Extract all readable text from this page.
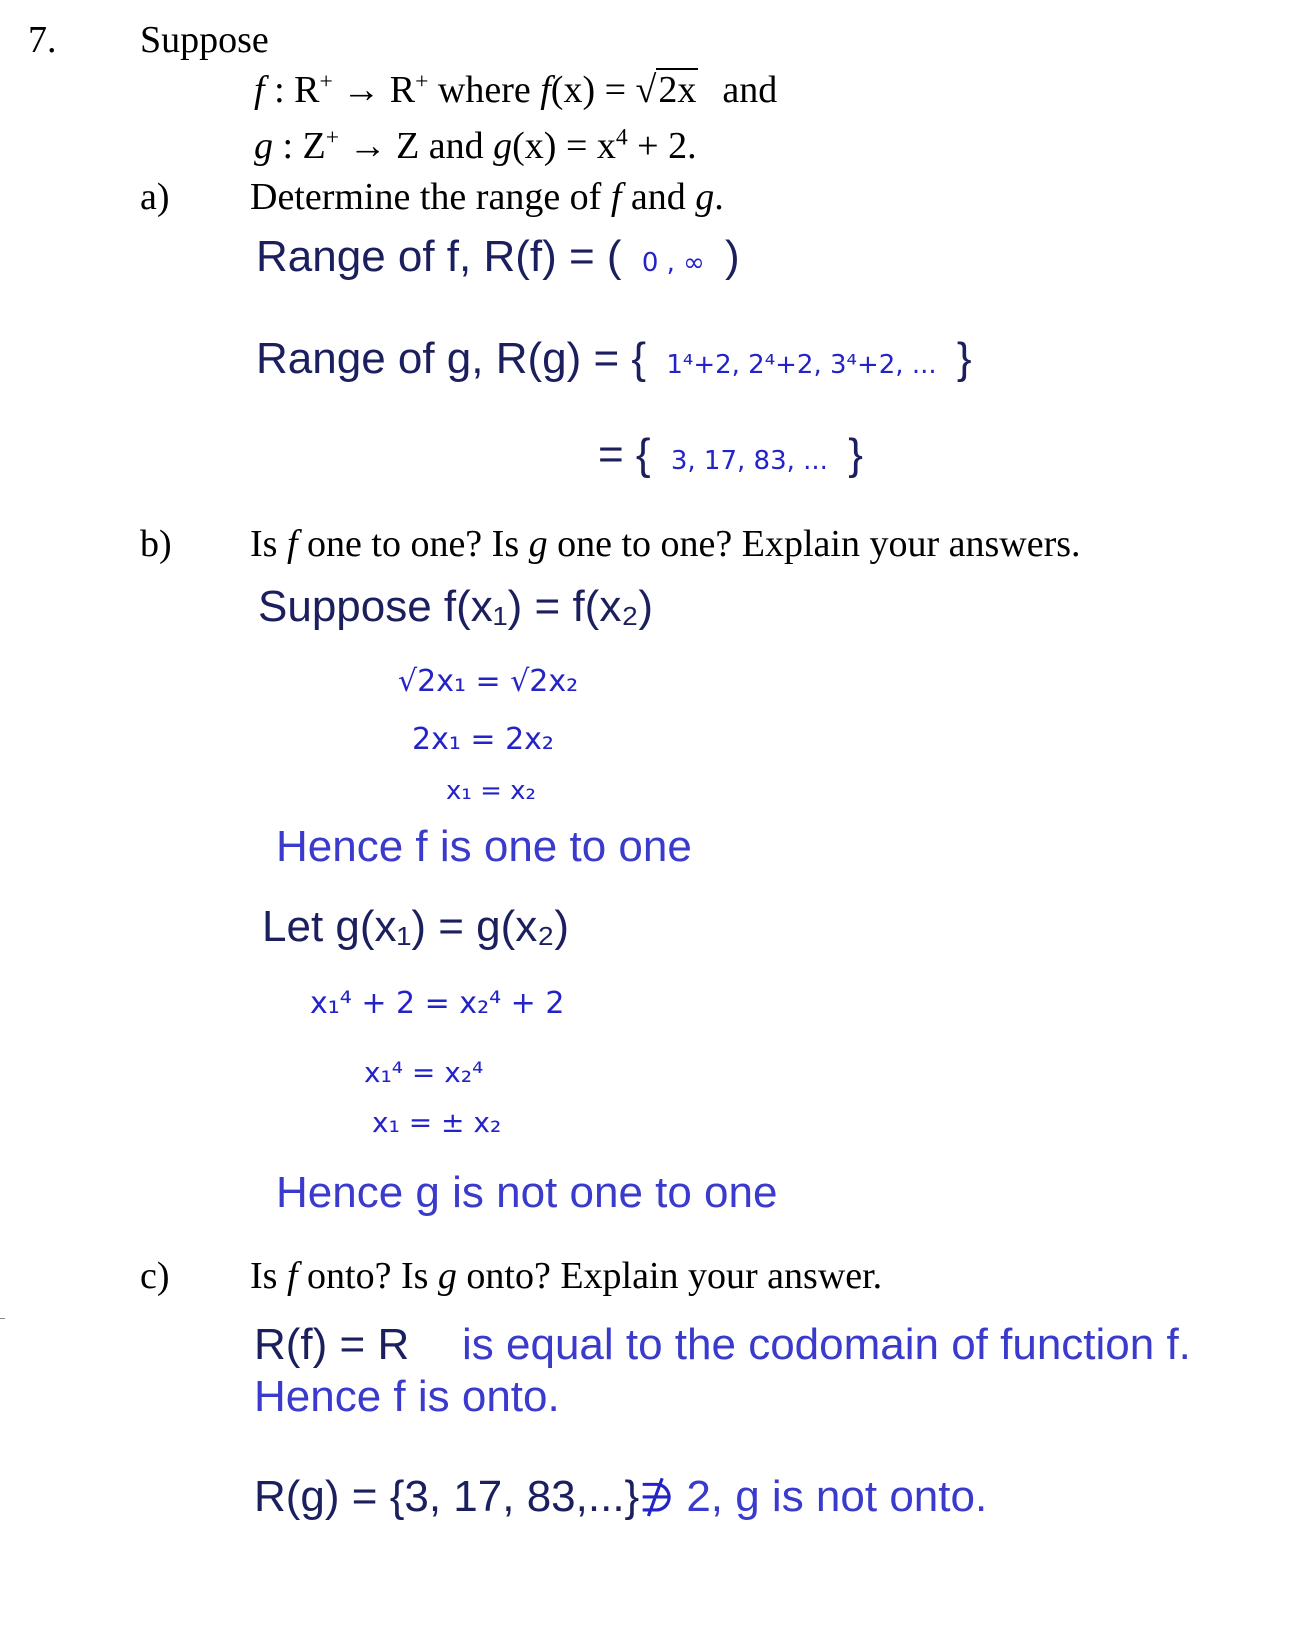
7. Suppose
f : R+ → R+ where f(x) = √2x and
g : Z+ → Z and $g(x) = x^4 + 2$.
a) Determine the range of f and g.
Range of f, R(f) = ( 0 , ∞ )
Range of g, R(g) = { 1⁴+2, 2⁴+2, 3⁴+2, ... }
= { 3, 17, 83, ... }
b) Is f one to one? Is g one to one? Explain your answers.
Suppose f(x₁) = f(x₂)
√2x₁ = √2x₂
2x₁ = 2x₂
x₁ = x₂
Hence f is one to one
Let g(x₁) = g(x₂)
x₁⁴ + 2 = x₂⁴ + 2
x₁⁴ = x₂⁴
x₁ = ± x₂
Hence g is not one to one
c) Is f onto? Is g onto? Explain your answer.
R(f) = R is equal to the codomain of function f.
Hence f is onto.
R(g) = {3, 17, 83,...}∌ 2, g is not onto.
